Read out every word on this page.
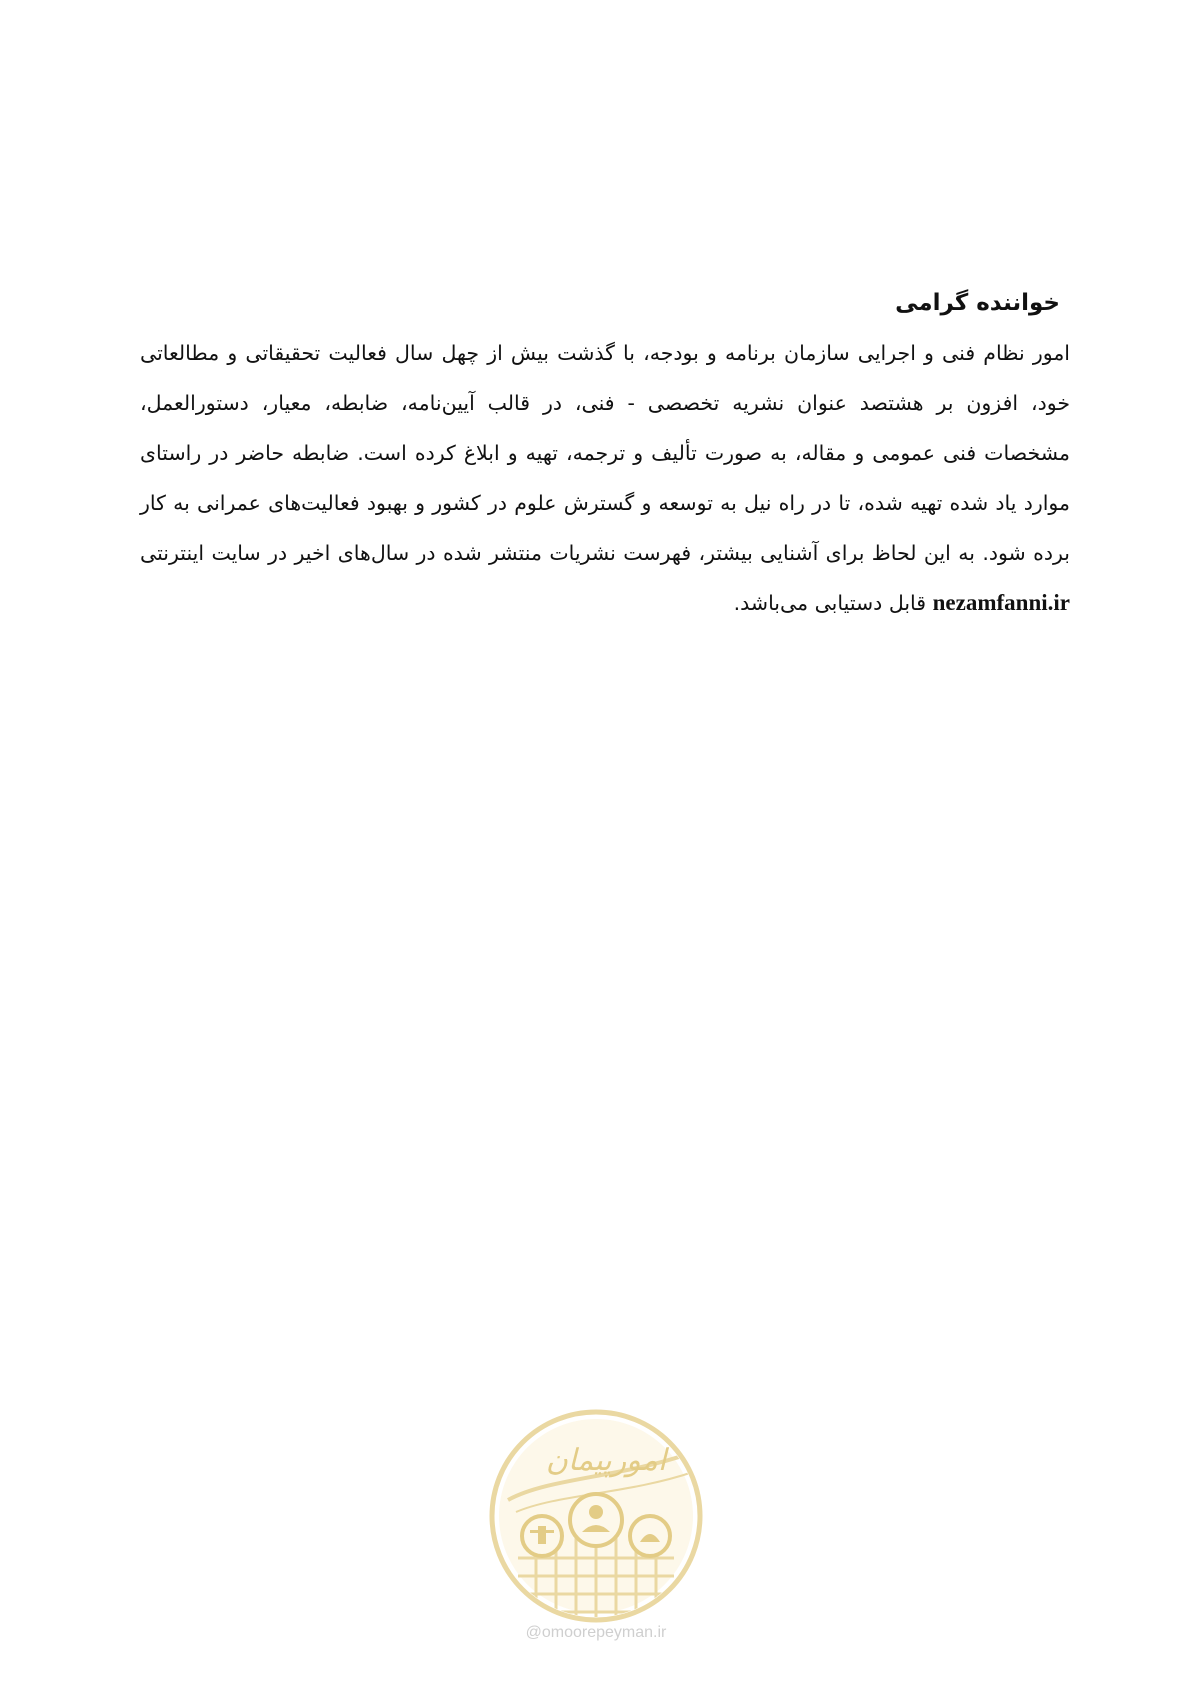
خواننده گرامی

امور نظام فنی و اجرایی سازمان برنامه و بودجه، با گذشت بیش از چهل سال فعالیت تحقیقاتی و مطالعاتی خود، افزون بر هشتصد عنوان نشریه تخصصی - فنی، در قالب آیین‌نامه، ضابطه، معیار، دستورالعمل، مشخصات فنی عمومی و مقاله، به صورت تألیف و ترجمه، تهیه و ابلاغ کرده است. ضابطه حاضر در راستای موارد یاد شده تهیه شده، تا در راه نیل به توسعه و گسترش علوم در کشور و بهبود فعالیت‌های عمرانی به کار برده شود. به این لحاظ برای آشنایی بیشتر، فهرست نشریات منتشر شده در سال‌های اخیر در سایت اینترنتی nezamfanni.ir قابل دستیابی می‌باشد.

امورپیمان
@omoorepeyman.ir
